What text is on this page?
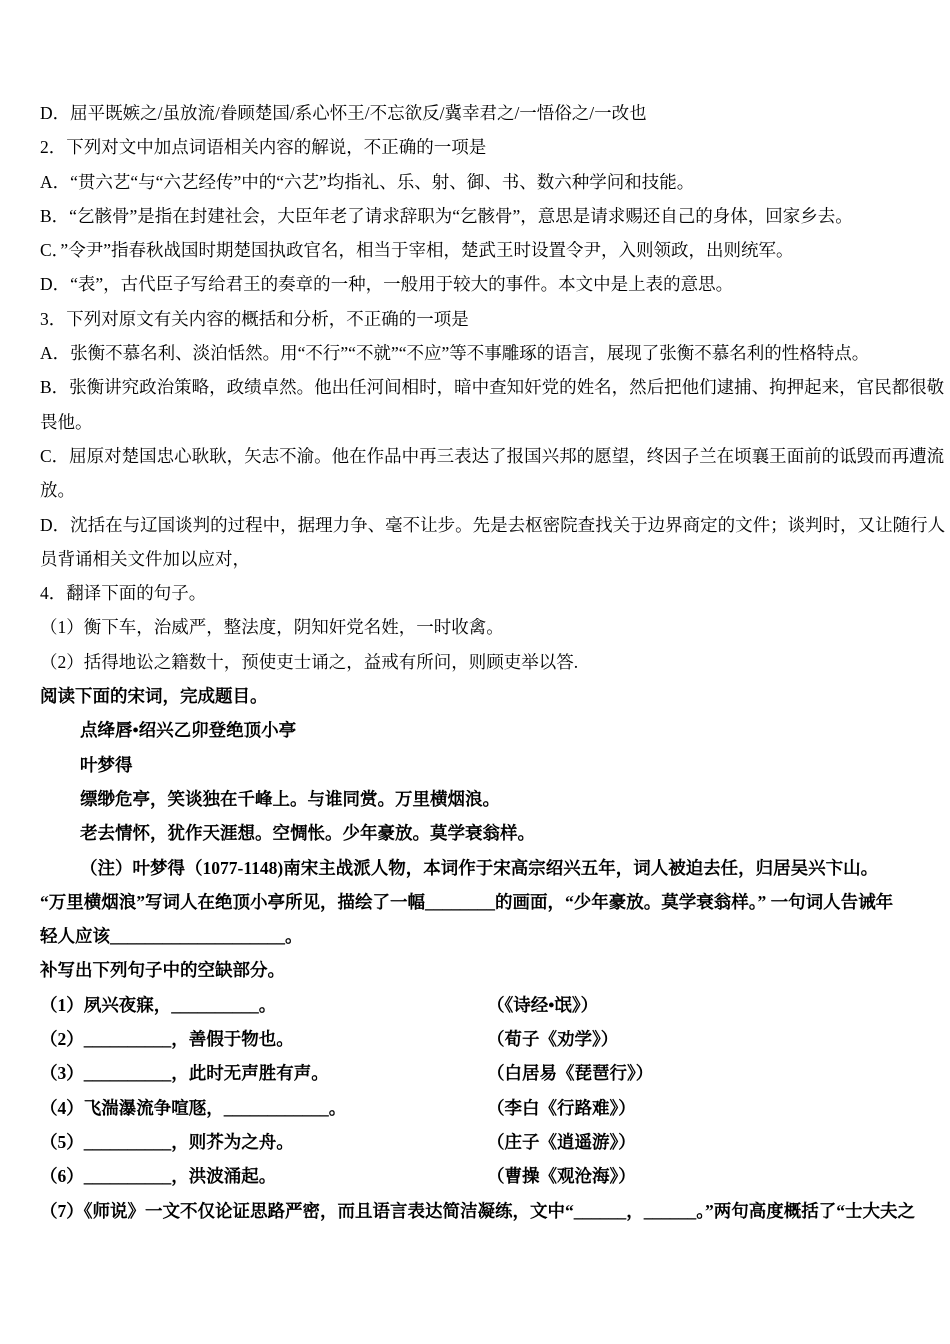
D．屈平既嫉之/虽放流/眷顾楚国/系心怀王/不忘欲反/冀幸君之/一悟俗之/一改也
2．下列对文中加点词语相关内容的解说，不正确的一项是
A．“贯六艺“与“六艺经传”中的“六艺”均指礼、乐、射、御、书、数六种学问和技能。
B．“乞骸骨”是指在封建社会，大臣年老了请求辞职为“乞骸骨”，意思是请求赐还自己的身体，回家乡去。
C．”令尹”指春秋战国时期楚国执政官名，相当于宰相，楚武王时设置令尹，入则领政，出则统军。
D．“表”，古代臣子写给君王的奏章的一种，一般用于较大的事件。本文中是上表的意思。
3．下列对原文有关内容的概括和分析，不正确的一项是
A．张衡不慕名利、淡泊恬然。用“不行”“不就”“不应”等不事雕琢的语言，展现了张衡不慕名利的性格特点。
B．张衡讲究政治策略，政绩卓然。他出任河间相时，暗中查知奸党的姓名，然后把他们逮捕、拘押起来，官民都很敬
畏他。
C．屈原对楚国忠心耿耿，矢志不渝。他在作品中再三表达了报国兴邦的愿望，终因子兰在顷襄王面前的诋毁而再遭流
放。
D．沈括在与辽国谈判的过程中，据理力争、毫不让步。先是去枢密院查找关于边界商定的文件；谈判时，又让随行人
员背诵相关文件加以应对，
4．翻译下面的句子。
（1）衡下车，治威严，整法度，阴知奸党名姓，一时收禽。
（2）括得地讼之籍数十，预使吏士诵之，益戒有所问，则顾吏举以答.
阅读下面的宋词，完成题目。
点绛唇•绍兴乙卯登绝顶小亭
叶梦得
缥缈危亭，笑谈独在千峰上。与谁同赏。万里横烟浪。
老去情怀，犹作天涯想。空惆怅。少年豪放。莫学衰翁样。
（注）叶梦得（1077-1148)南宋主战派人物，本词作于宋高宗绍兴五年，词人被迫去任，归居吴兴卞山。
“万里横烟浪”写词人在绝顶小亭所见，描绘了一幅________的画面，“少年豪放。莫学衰翁样。” 一句词人告诫年
轻人应该____________________。
补写出下列句子中的空缺部分。
（1）夙兴夜寐，__________。	（《诗经•氓》）
（2）__________，善假于物也。	（荀子《劝学》）
（3）__________，此时无声胜有声。	（白居易《琵琶行》）
（4）飞湍瀑流争喧豗，____________。	（李白《行路难》）
（5）__________，则芥为之舟。	（庄子《逍遥游》）
（6）__________，洪波涌起。	（曹操《观沧海》）
（7）《师说》一文不仅论证思路严密，而且语言表达简洁凝练，文中“______，______。”两句高度概括了“士大夫之
